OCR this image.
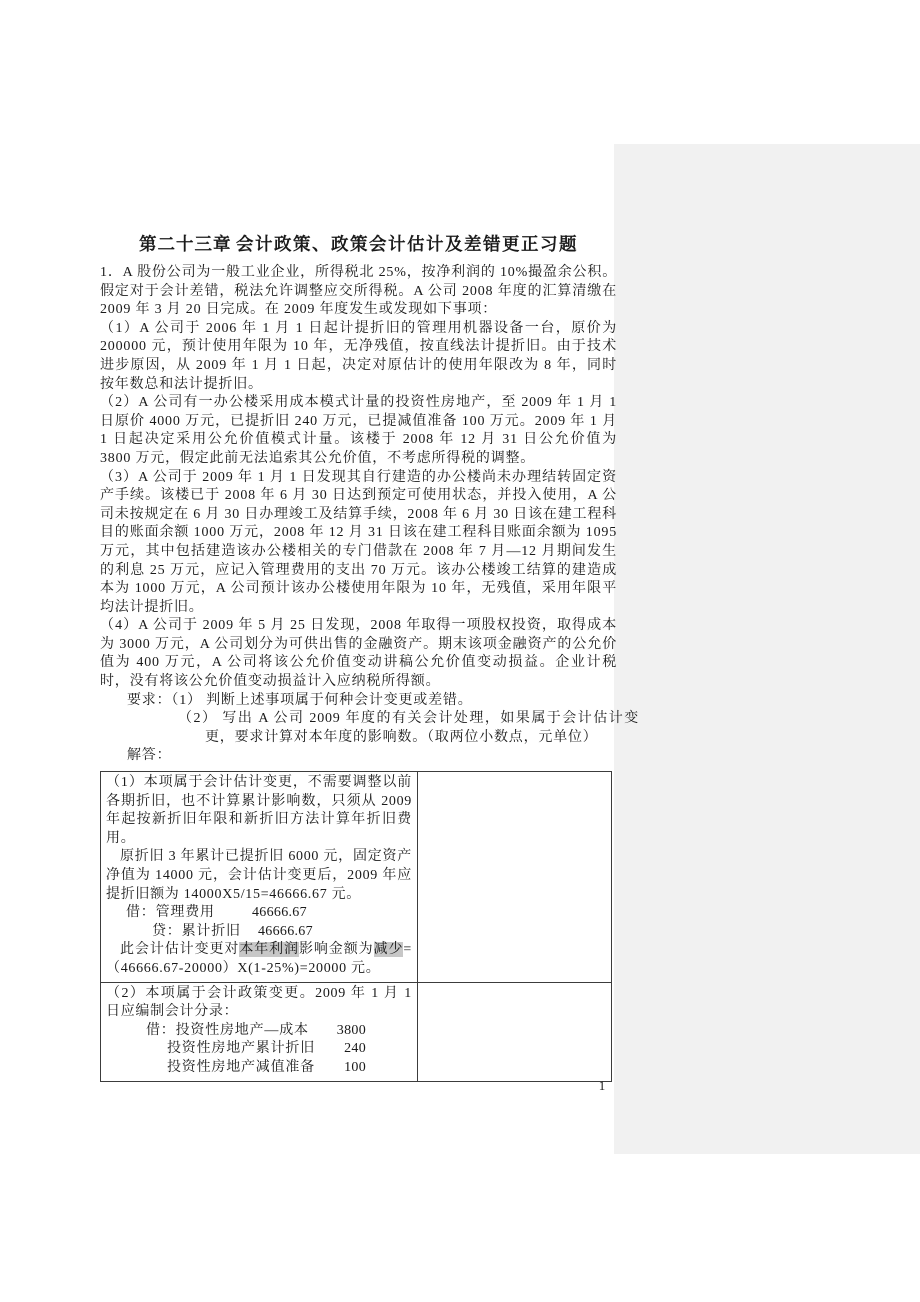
第二十三章  会计政策、政策会计估计及差错更正习题

1．A 股份公司为一般工业企业，所得税北 25%，按净利润的 10%撮盈余公积。假定对于会计差错，税法允许调整应交所得税。A 公司 2008 年度的汇算清缴在 2009 年 3 月 20 日完成。在 2009 年度发生或发现如下事项：

（1）A 公司于 2006 年 1 月 1 日起计提折旧的管理用机器设备一台，原价为 200000 元，预计使用年限为 10 年，无净残值，按直线法计提折旧。由于技术进步原因，从 2009 年 1 月 1 日起，决定对原估计的使用年限改为 8 年，同时按年数总和法计提折旧。

（2）A 公司有一办公楼采用成本模式计量的投资性房地产，至 2009 年 1 月 1 日原价 4000 万元，已提折旧 240 万元，已提减值准备 100 万元。2009 年 1 月 1 日起决定采用公允价值模式计量。该楼于 2008 年 12 月 31 日公允价值为 3800 万元，假定此前无法追索其公允价值，不考虑所得税的调整。

（3）A 公司于 2009 年 1 月 1 日发现其自行建造的办公楼尚未办理结转固定资产手续。该楼已于 2008 年 6 月 30 日达到预定可使用状态，并投入使用，A 公司未按规定在 6 月 30 日办理竣工及结算手续，2008 年 6 月 30 日该在建工程科目的账面余额 1000 万元，2008 年 12 月 31 日该在建工程科目账面余额为 1095 万元，其中包括建造该办公楼相关的专门借款在 2008 年 7 月—12 月期间发生的利息 25 万元，应记入管理费用的支出 70 万元。该办公楼竣工结算的建造成本为 1000 万元，A 公司预计该办公楼使用年限为 10 年，无残值，采用年限平均法计提折旧。

（4）A 公司于 2009 年 5 月 25 日发现，2008 年取得一项股权投资，取得成本为 3000 万元，A 公司划分为可供出售的金融资产。期末该项金融资产的公允价值为 400 万元，A 公司将该公允价值变动讲稿公允价值变动损益。企业计税时，没有将该公允价值变动损益计入应纳税所得额。

要求：（1） 判断上述事项属于何种会计变更或差错。

（2） 写出 A 公司 2009 年度的有关会计处理，如果属于会计估计变更，要求计算对本年度的影响数。（取两位小数点，元单位）

解答：

（1）本项属于会计估计变更，不需要调整以前各期折旧，也不计算累计影响数，只须从 2009 年起按新折旧年限和新折旧方法计算年折旧费用。

原折旧 3 年累计已提折旧 6000 元，固定资产净值为 14000 元，会计估计变更后，2009 年应提折旧额为 14000X5/15=46666.67 元。

借：管理费用	46666.67
贷：累计折旧 46666.67

此会计估计变更对本年利润影响金额为减少=（46666.67-20000）X(1-25%)=20000 元。

（2）本项属于会计政策变更。2009 年 1 月 1 日应编制会计分录：

借：投资性房地产—成本	3800
投资性房地产累计折旧	240
投资性房地产减值准备	100

1
